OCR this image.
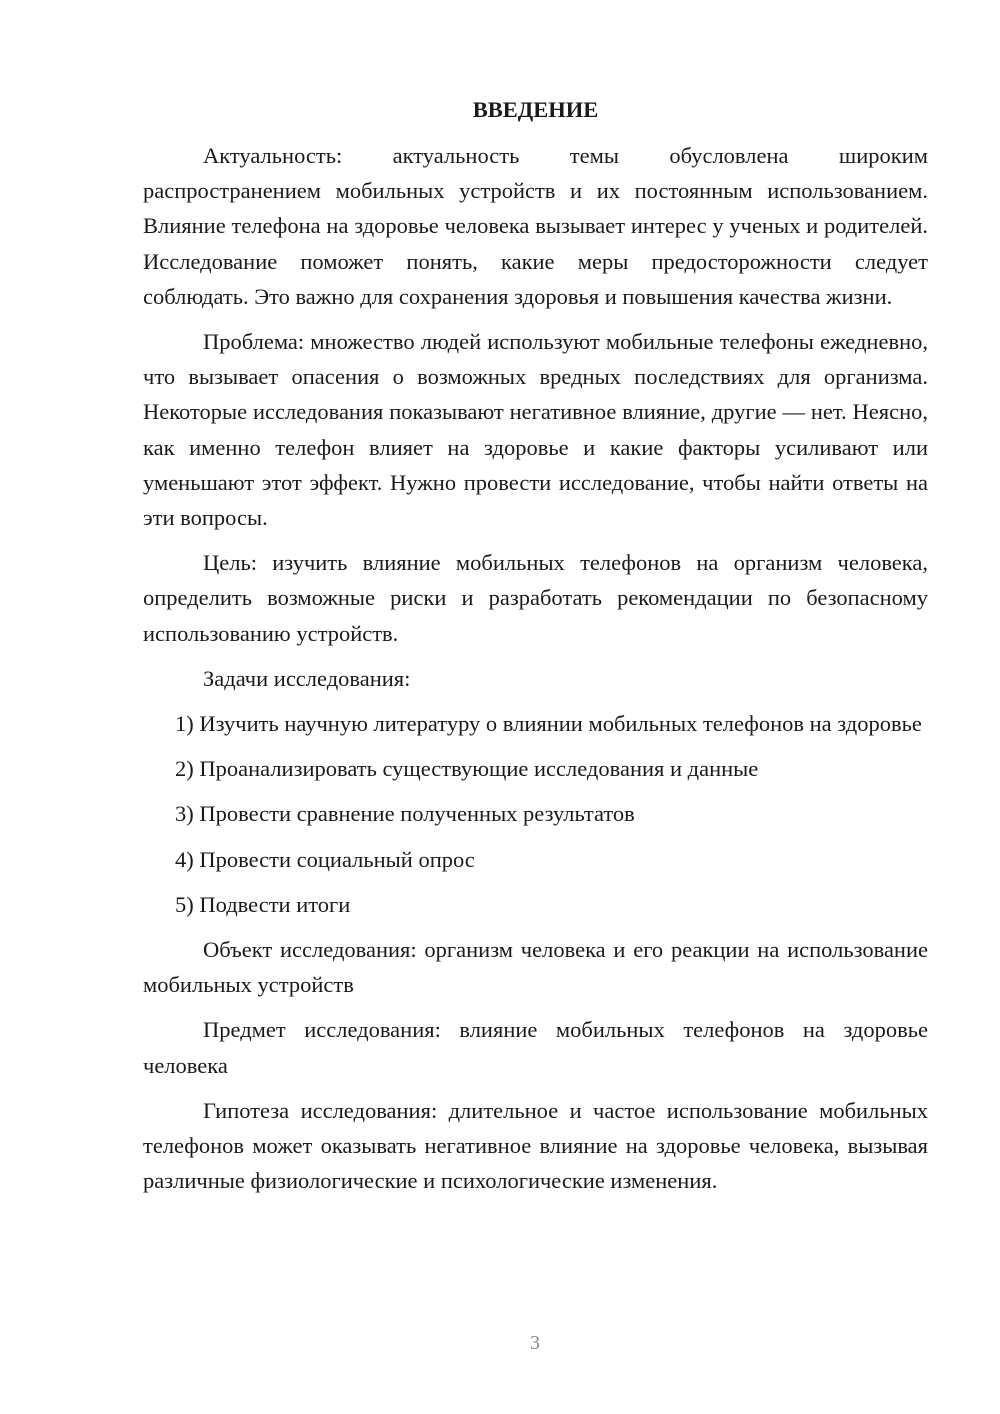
ВВЕДЕНИЕ

Актуальность: актуальность темы обусловлена широким распространением мобильных устройств и их постоянным использованием. Влияние телефона на здоровье человека вызывает интерес у ученых и родителей. Исследование поможет понять, какие меры предосторожности следует соблюдать. Это важно для сохранения здоровья и повышения качества жизни.

Проблема: множество людей используют мобильные телефоны ежедневно, что вызывает опасения о возможных вредных последствиях для организма. Некоторые исследования показывают негативное влияние, другие — нет. Неясно, как именно телефон влияет на здоровье и какие факторы усиливают или уменьшают этот эффект. Нужно провести исследование, чтобы найти ответы на эти вопросы.

Цель: изучить влияние мобильных телефонов на организм человека, определить возможные риски и разработать рекомендации по безопасному использованию устройств.

Задачи исследования:

1) Изучить научную литературу о влиянии мобильных телефонов на здоровье

2) Проанализировать существующие исследования и данные

3) Провести сравнение полученных результатов

4) Провести социальный опрос

5) Подвести итоги

Объект исследования: организм человека и его реакции на использование мобильных устройств

Предмет исследования: влияние мобильных телефонов на здоровье человека

Гипотеза исследования: длительное и частое использование мобильных телефонов может оказывать негативное влияние на здоровье человека, вызывая различные физиологические и психологические изменения.

3
